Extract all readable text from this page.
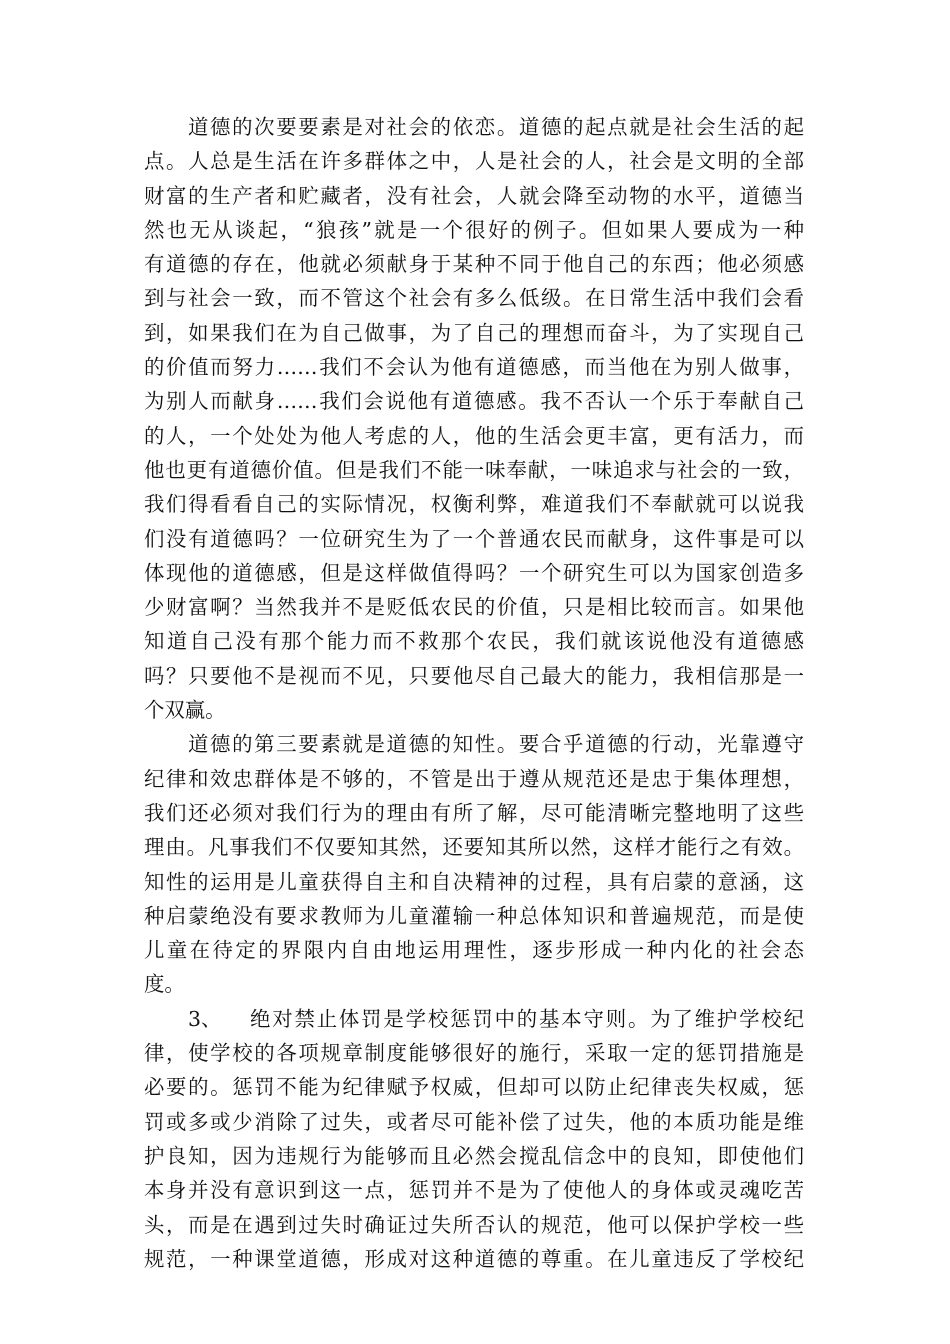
道德的次要要素是对社会的依恋。道德的起点就是社会生活的起
点。人总是生活在许多群体之中，人是社会的人，社会是文明的全部
财富的生产者和贮藏者，没有社会，人就会降至动物的水平，道德当
然也无从谈起，“狼孩”就是一个很好的例子。但如果人要成为一种
有道德的存在，他就必须献身于某种不同于他自己的东西；他必须感
到与社会一致，而不管这个社会有多么低级。在日常生活中我们会看
到，如果我们在为自己做事，为了自己的理想而奋斗，为了实现自己
的价值而努力……我们不会认为他有道德感，而当他在为别人做事，
为别人而献身……我们会说他有道德感。我不否认一个乐于奉献自己
的人，一个处处为他人考虑的人，他的生活会更丰富，更有活力，而
他也更有道德价值。但是我们不能一味奉献，一味追求与社会的一致，
我们得看看自己的实际情况，权衡利弊，难道我们不奉献就可以说我
们没有道德吗？一位研究生为了一个普通农民而献身，这件事是可以
体现他的道德感，但是这样做值得吗？一个研究生可以为国家创造多
少财富啊？当然我并不是贬低农民的价值，只是相比较而言。如果他
知道自己没有那个能力而不救那个农民，我们就该说他没有道德感
吗？只要他不是视而不见，只要他尽自己最大的能力，我相信那是一
个双赢。
道德的第三要素就是道德的知性。要合乎道德的行动，光靠遵守
纪律和效忠群体是不够的，不管是出于遵从规范还是忠于集体理想，
我们还必须对我们行为的理由有所了解，尽可能清晰完整地明了这些
理由。凡事我们不仅要知其然，还要知其所以然，这样才能行之有效。
知性的运用是儿童获得自主和自决精神的过程，具有启蒙的意涵，这
种启蒙绝没有要求教师为儿童灌输一种总体知识和普遍规范，而是使
儿童在待定的界限内自由地运用理性，逐步形成一种内化的社会态
度。
3、	绝对禁止体罚是学校惩罚中的基本守则。为了维护学校纪
律，使学校的各项规章制度能够很好的施行，采取一定的惩罚措施是
必要的。惩罚不能为纪律赋予权威，但却可以防止纪律丧失权威，惩
罚或多或少消除了过失，或者尽可能补偿了过失，他的本质功能是维
护良知，因为违规行为能够而且必然会搅乱信念中的良知，即使他们
本身并没有意识到这一点，惩罚并不是为了使他人的身体或灵魂吃苦
头，而是在遇到过失时确证过失所否认的规范，他可以保护学校一些
规范，一种课堂道德，形成对这种道德的尊重。在儿童违反了学校纪
